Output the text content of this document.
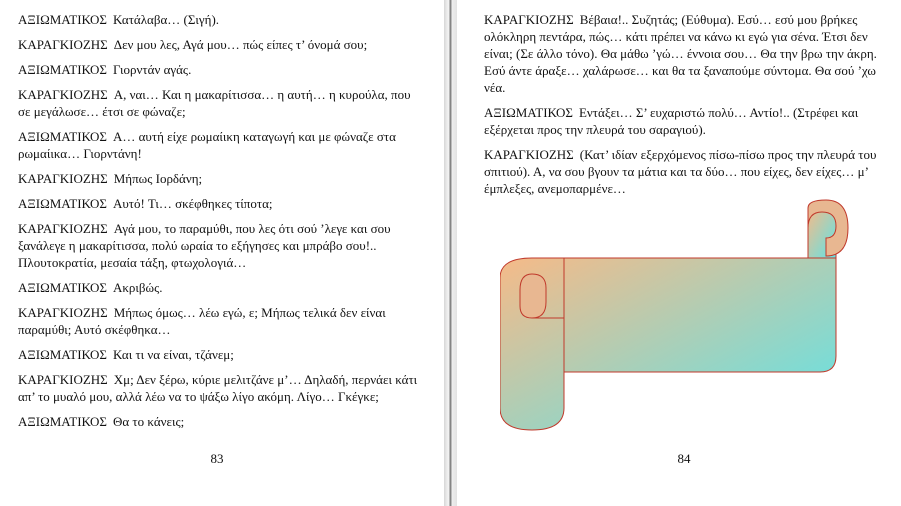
ΑΞΙΩΜΑΤΙΚΟΣ Κατάλαβα… (Σιγή).

ΚΑΡΑΓΚΙΟΖΗΣ Δεν μου λες, Αγά μου… πώς είπες τ’ όνομά σου;

ΑΞΙΩΜΑΤΙΚΟΣ Γιορντάν αγάς.

ΚΑΡΑΓΚΙΟΖΗΣ Α, ναι… Και η μακαρίτισσα… η αυτή… η κυρούλα, που σε μεγάλωσε… έτσι σε φώναζε;

ΑΞΙΩΜΑΤΙΚΟΣ Α… αυτή είχε ρωμαίικη καταγωγή και με φώναζε στα ρωμαίικα… Γιορντάνη!

ΚΑΡΑΓΚΙΟΖΗΣ Μήπως Ιορδάνη;

ΑΞΙΩΜΑΤΙΚΟΣ Αυτό! Τι… σκέφθηκες τίποτα;

ΚΑΡΑΓΚΙΟΖΗΣ Αγά μου, το παραμύθι, που λες ότι σού ’λεγε και σου ξανάλεγε η μακαρίτισσα, πολύ ωραία το εξήγησες και μπράβο σου!.. Πλουτοκρατία, μεσαία τάξη, φτωχολογιά…

ΑΞΙΩΜΑΤΙΚΟΣ Ακριβώς.

ΚΑΡΑΓΚΙΟΖΗΣ Μήπως όμως… λέω εγώ, ε; Μήπως τελικά δεν είναι παραμύθι; Αυτό σκέφθηκα…

ΑΞΙΩΜΑΤΙΚΟΣ Και τι να είναι, τζάνεμ;

ΚΑΡΑΓΚΙΟΖΗΣ Χμ; Δεν ξέρω, κύριε μελιτζάνε μ’… Δηλαδή, περνάει κάτι απ’ το μυαλό μου, αλλά λέω να το ψάξω λίγο ακόμη. Λίγο… Γκέγκε;

ΑΞΙΩΜΑΤΙΚΟΣ Θα το κάνεις;

83

ΚΑΡΑΓΚΙΟΖΗΣ Βέβαια!.. Συζητάς; (Εύθυμα). Εσύ… εσύ μου βρήκες ολόκληρη πεντάρα, πώς… κάτι πρέπει να κάνω κι εγώ για σένα. Έτσι δεν είναι; (Σε άλλο τόνο). Θα μάθω ’γώ… έννοια σου… Θα την βρω την άκρη. Εσύ άντε άραξε… χαλάρωσε… και θα τα ξαναπούμε σύντομα. Θα σού ’χω νέα.

ΑΞΙΩΜΑΤΙΚΟΣ Εντάξει… Σ’ ευχαριστώ πολύ… Αντίο!.. (Στρέφει και εξέρχεται προς την πλευρά του σαραγιού).

ΚΑΡΑΓΚΙΟΖΗΣ (Κατ’ ιδίαν εξερχόμενος πίσω-πίσω προς την πλευρά του σπιτιού). Α, να σου βγουν τα μάτια και τα δύο… που είχες, δεν είχες… μ’ έμπλεξες, ανεμοπαρμένε…

84
